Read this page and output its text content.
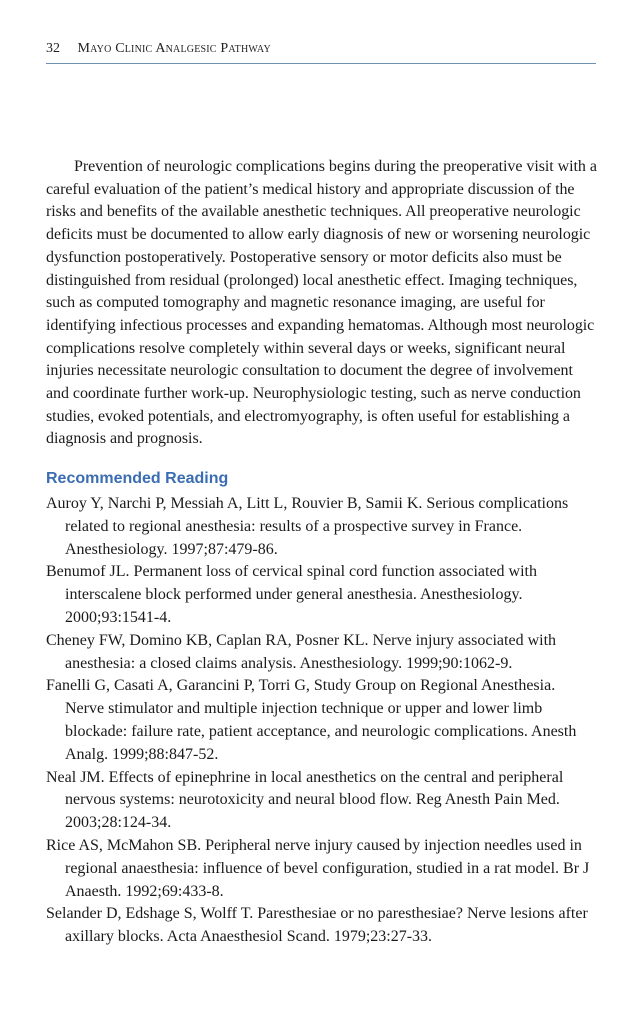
32 Mayo Clinic Analgesic Pathway

Prevention of neurologic complications begins during the preoperative visit with a careful evaluation of the patient’s medical history and appropriate discussion of the risks and benefits of the available anesthetic techniques. All preoperative neurologic deficits must be documented to allow early diagnosis of new or worsening neurologic dysfunction postoperatively. Postoperative sensory or motor deficits also must be distinguished from residual (prolonged) local anesthetic effect. Imaging techniques, such as computed tomography and magnetic resonance imaging, are useful for identifying infectious processes and expanding hematomas. Although most neurologic complications resolve completely within several days or weeks, significant neural injuries necessitate neurologic consultation to document the degree of involvement and coordinate further work-up. Neurophysiologic testing, such as nerve conduction studies, evoked potentials, and electromyography, is often useful for establishing a diagnosis and prognosis.

Recommended Reading
Auroy Y, Narchi P, Messiah A, Litt L, Rouvier B, Samii K. Serious complications related to regional anesthesia: results of a prospective survey in France. Anesthesiology. 1997;87:479-86.
Benumof JL. Permanent loss of cervical spinal cord function associated with interscalene block performed under general anesthesia. Anesthesiology. 2000;93:1541-4.
Cheney FW, Domino KB, Caplan RA, Posner KL. Nerve injury associated with anesthesia: a closed claims analysis. Anesthesiology. 1999;90:1062-9.
Fanelli G, Casati A, Garancini P, Torri G, Study Group on Regional Anesthesia. Nerve stimulator and multiple injection technique or upper and lower limb blockade: failure rate, patient acceptance, and neurologic complications. Anesth Analg. 1999;88:847-52.
Neal JM. Effects of epinephrine in local anesthetics on the central and peripheral nervous systems: neurotoxicity and neural blood flow. Reg Anesth Pain Med. 2003;28:124-34.
Rice AS, McMahon SB. Peripheral nerve injury caused by injection needles used in regional anaesthesia: influence of bevel configuration, studied in a rat model. Br J Anaesth. 1992;69:433-8.
Selander D, Edshage S, Wolff T. Paresthesiae or no paresthesiae? Nerve lesions after axillary blocks. Acta Anaesthesiol Scand. 1979;23:27-33.
